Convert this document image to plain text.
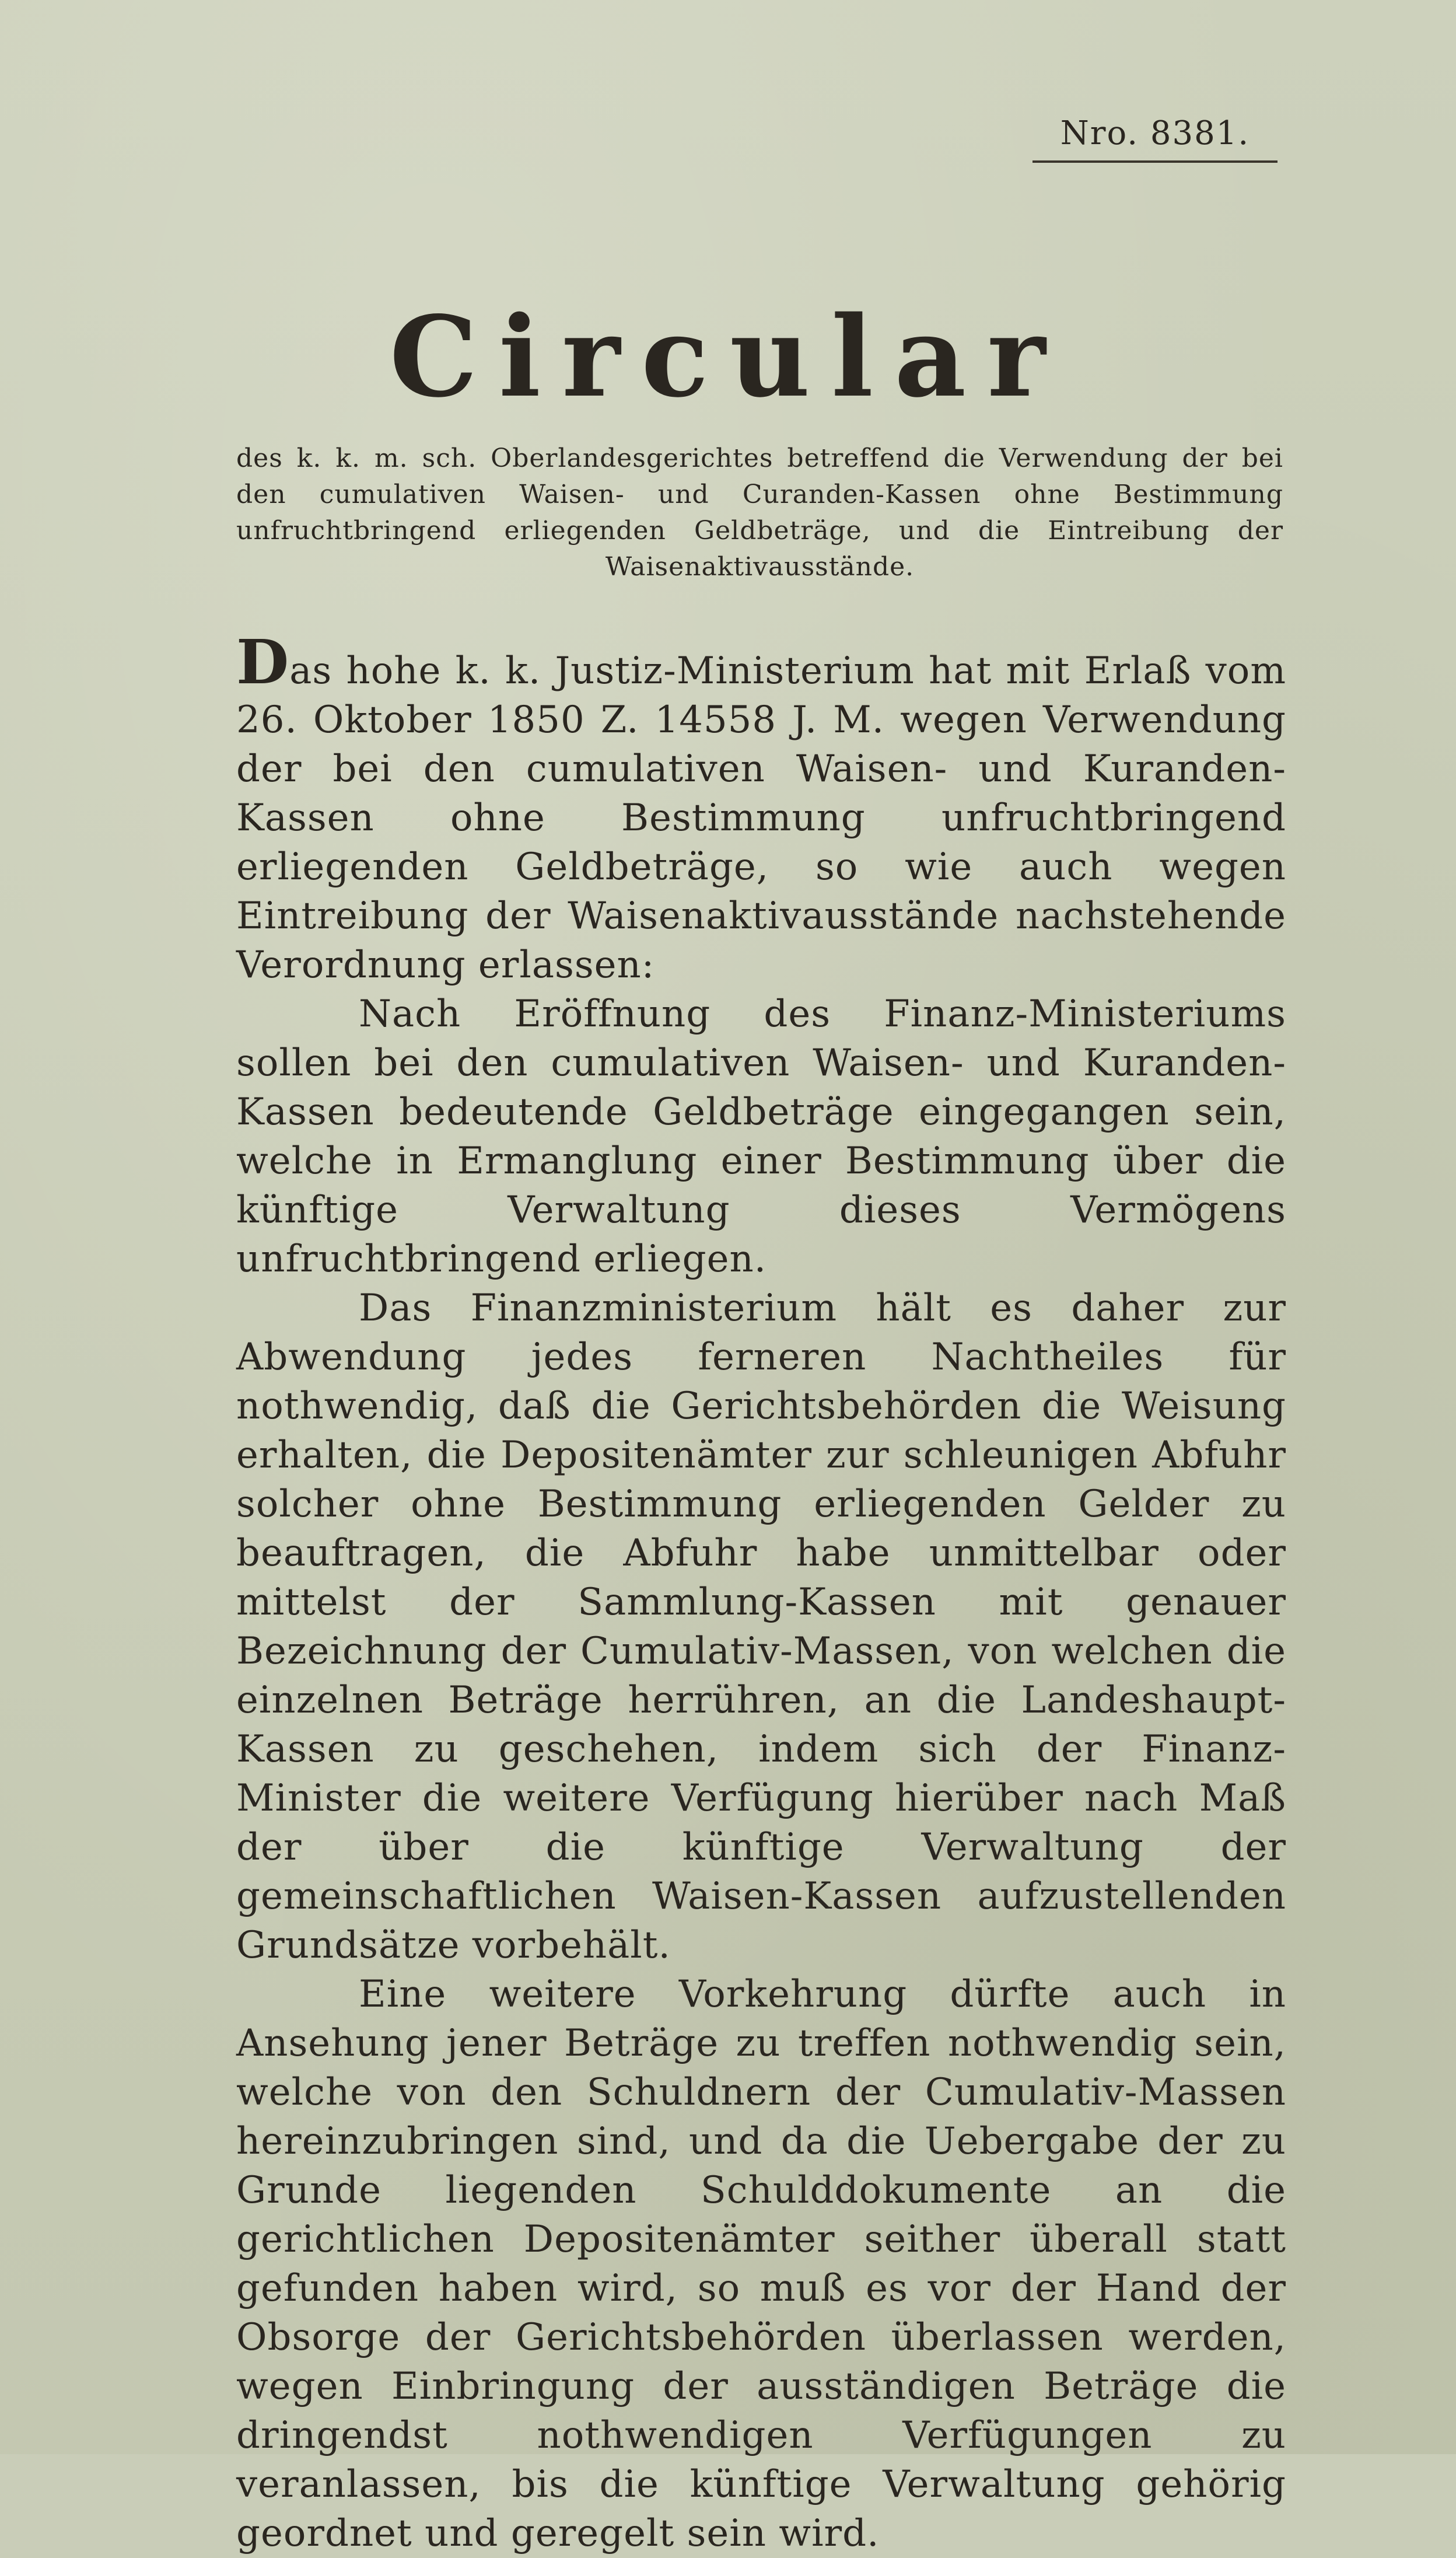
Nro. 8381.
Circular
des k. k. m. sch. Oberlandesgerichtes betreffend die Verwendung der bei den cumulativen Waisen- und Curanden-Kassen ohne Bestimmung unfruchtbringend erliegenden Geldbeträge, und die Eintreibung der Waisenaktivausstände.

Das hohe k. k. Justiz-Ministerium hat mit Erlaß vom 26. Oktober 1850 Z. 14558 J. M. wegen Verwendung der bei den cumulativen Waisen- und Kuranden-Kassen ohne Bestimmung unfruchtbringend erliegenden Geldbeträge, so wie auch wegen Eintreibung der Waisenaktivausstände nachstehende Verordnung erlassen:

Nach Eröffnung des Finanz-Ministeriums sollen bei den cumulativen Waisen- und Kuranden-Kassen bedeutende Geldbeträge eingegangen sein, welche in Ermanglung einer Bestimmung über die künftige Verwaltung dieses Vermögens unfruchtbringend erliegen.

Das Finanzministerium hält es daher zur Abwendung jedes ferneren Nachtheiles für nothwendig, daß die Gerichtsbehörden die Weisung erhalten, die Depositenämter zur schleunigen Abfuhr solcher ohne Bestimmung erliegenden Gelder zu beauftragen, die Abfuhr habe unmittelbar oder mittelst der Sammlung-Kassen mit genauer Bezeichnung der Cumulativ-Massen, von welchen die einzelnen Beträge herrühren, an die Landeshaupt-Kassen zu geschehen, indem sich der Finanz-Minister die weitere Verfügung hierüber nach Maß der über die künftige Verwaltung der gemeinschaftlichen Waisen-Kassen aufzustellenden Grundsätze vorbehält.

Eine weitere Vorkehrung dürfte auch in Ansehung jener Beträge zu treffen nothwendig sein, welche von den Schuldnern der Cumulativ-Massen hereinzubringen sind, und da die Uebergabe der zu Grunde liegenden Schulddokumente an die gerichtlichen Depositenämter seither überall statt gefunden haben wird, so muß es vor der Hand der Obsorge der Gerichtsbehörden überlassen werden, wegen Einbringung der ausständigen Beträge die dringendst nothwendigen Verfügungen zu veranlassen, bis die künftige Verwaltung gehörig geordnet und geregelt sein wird.
